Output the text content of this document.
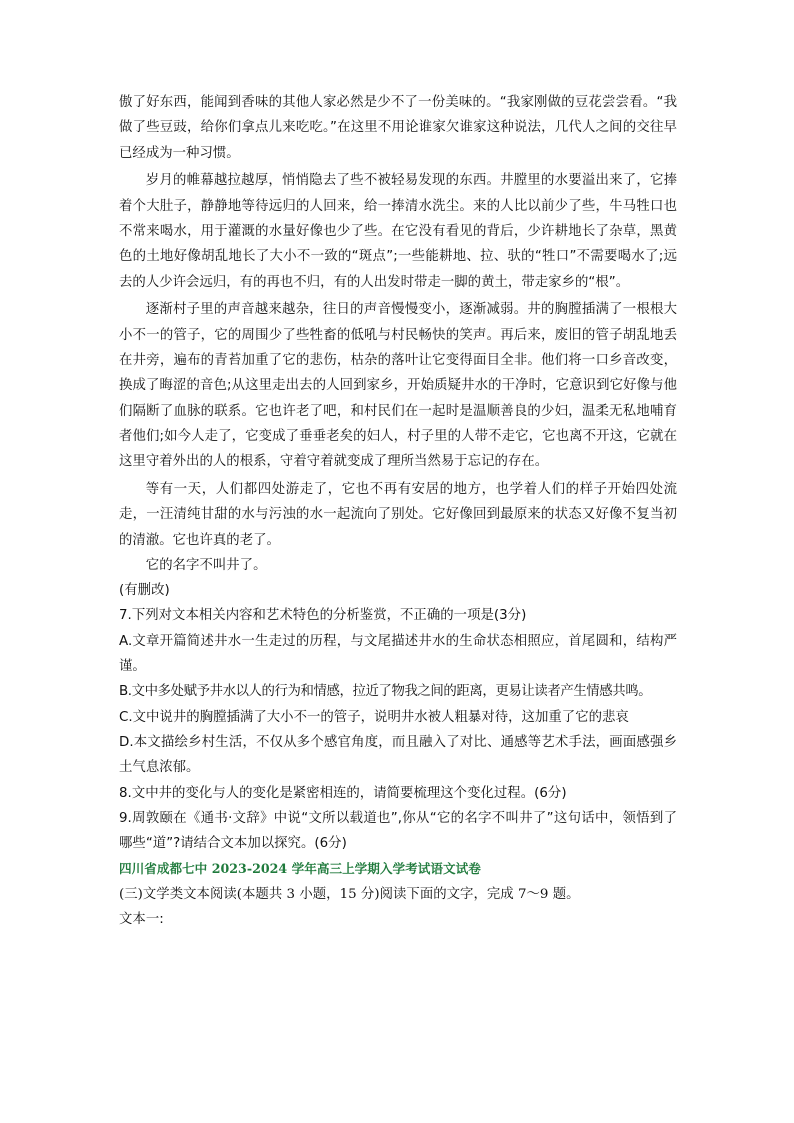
傲了好东西，能闻到香味的其他人家必然是少不了一份美味的。“我家刚做的豆花尝尝看。“我做了些豆豉，给你们拿点儿来吃吃。”在这里不用论谁家欠谁家这种说法，几代人之间的交往早已经成为一种习惯。

岁月的帷幕越拉越厚，悄悄隐去了些不被轻易发现的东西。井膛里的水要溢出来了，它捧着个大肚子，静静地等待远归的人回来，给一捧清水洗尘。来的人比以前少了些，牛马牲口也不常来喝水，用于灌溉的水量好像也少了些。在它没有看见的背后，少许耕地长了杂草，黑黄色的土地好像胡乱地长了大小不一致的“斑点”;一些能耕地、拉、驮的“牲口”不需要喝水了;远去的人少许会远归，有的再也不归，有的人出发时带走一脚的黄土，带走家乡的“根”。

逐渐村子里的声音越来越杂，往日的声音慢慢变小，逐渐减弱。井的胸膛插满了一根根大小不一的管子，它的周围少了些牲畜的低吼与村民畅快的笑声。再后来，废旧的管子胡乱地丢在井旁，遍布的青苔加重了它的悲伤，枯杂的落叶让它变得面目全非。他们将一口乡音改变，换成了晦涩的音色;从这里走出去的人回到家乡，开始质疑井水的干净时，它意识到它好像与他们隔断了血脉的联系。它也许老了吧，和村民们在一起时是温顺善良的少妇，温柔无私地哺育者他们;如今人走了，它变成了垂垂老矣的妇人，村子里的人带不走它，它也离不开这，它就在这里守着外出的人的根系，守着守着就变成了理所当然易于忘记的存在。

等有一天，人们都四处游走了，它也不再有安居的地方，也学着人们的样子开始四处流走，一汪清纯甘甜的水与污浊的水一起流向了别处。它好像回到最原来的状态又好像不复当初的清澈。它也许真的老了。

它的名字不叫井了。

(有删改)

7.下列对文本相关内容和艺术特色的分析鉴赏，不正确的一项是(3分)

A.文章开篇简述井水一生走过的历程，与文尾描述井水的生命状态相照应，首尾圆和，结构严谨。

B.文中多处赋予井水以人的行为和情感，拉近了物我之间的距离，更易让读者产生情感共鸣。

C.文中说井的胸膛插满了大小不一的管子，说明井水被人粗暴对待，这加重了它的悲哀

D.本文描绘乡村生活，不仅从多个感官角度，而且融入了对比、通感等艺术手法，画面感强乡土气息浓郁。

8.文中井的变化与人的变化是紧密相连的，请简要梳理这个变化过程。(6分)

9.周敦颐在《通书·文辞》中说“文所以载道也”,你从“它的名字不叫井了”这句话中，领悟到了哪些“道”?请结合文本加以探究。(6分)

四川省成都七中 2023-2024 学年高三上学期入学考试语文试卷

(三)文学类文本阅读(本题共 3 小题，15 分)阅读下面的文字，完成 7～9 题。

文本一:
